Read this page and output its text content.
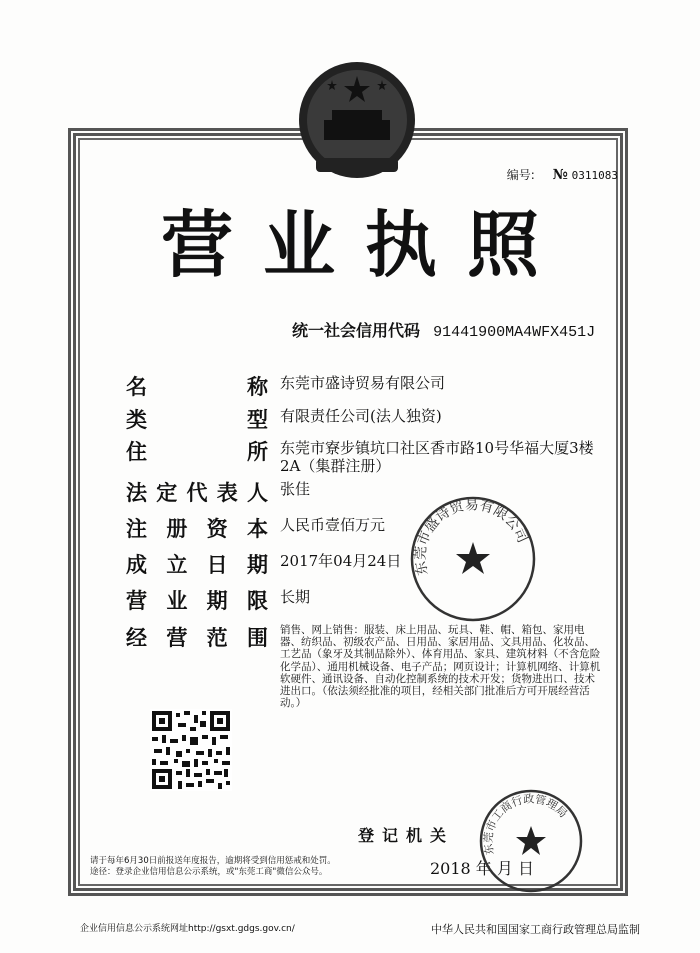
编号: № 0311083
营业执照
统一社会信用代码 91441900MA4WFX451J
名	称 东莞市盛诗贸易有限公司
类	型 有限责任公司(法人独资)
住	所 东莞市寮步镇坑口社区香市路10号华福大厦3楼2A（集群注册）
法 定 代 表 人 张佳
注 册 资 本 人民币壹佰万元
成 立 日 期 2017年04月24日
营 业 期 限 长期
经 营 范 围 销售、网上销售：服装、床上用品、玩具、鞋、帽、箱包、家用电器、纺织品、初级农产品、日用品、家居用品、文具用品、化妆品、工艺品（象牙及其制品除外）、体育用品、家具、建筑材料（不含危险化学品）、通用机械设备、电子产品；网页设计；计算机网络、计算机软硬件、通讯设备、自动化控制系统的技术开发；货物进出口、技术进出口。（依法须经批准的项目，经相关部门批准后方可开展经营活动。）
东莞市盛诗贸易有限公司
请于每年6月30日前报送年度报告，逾期将受到信用惩戒和处罚。
途径：登录企业信用信息公示系统，或"东莞工商"微信公众号。
登记机关
2018 年 月 日
东莞市工商行政管理局
企业信用信息公示系统网址http://gsxt.gdgs.gov.cn/	中华人民共和国国家工商行政管理总局监制
